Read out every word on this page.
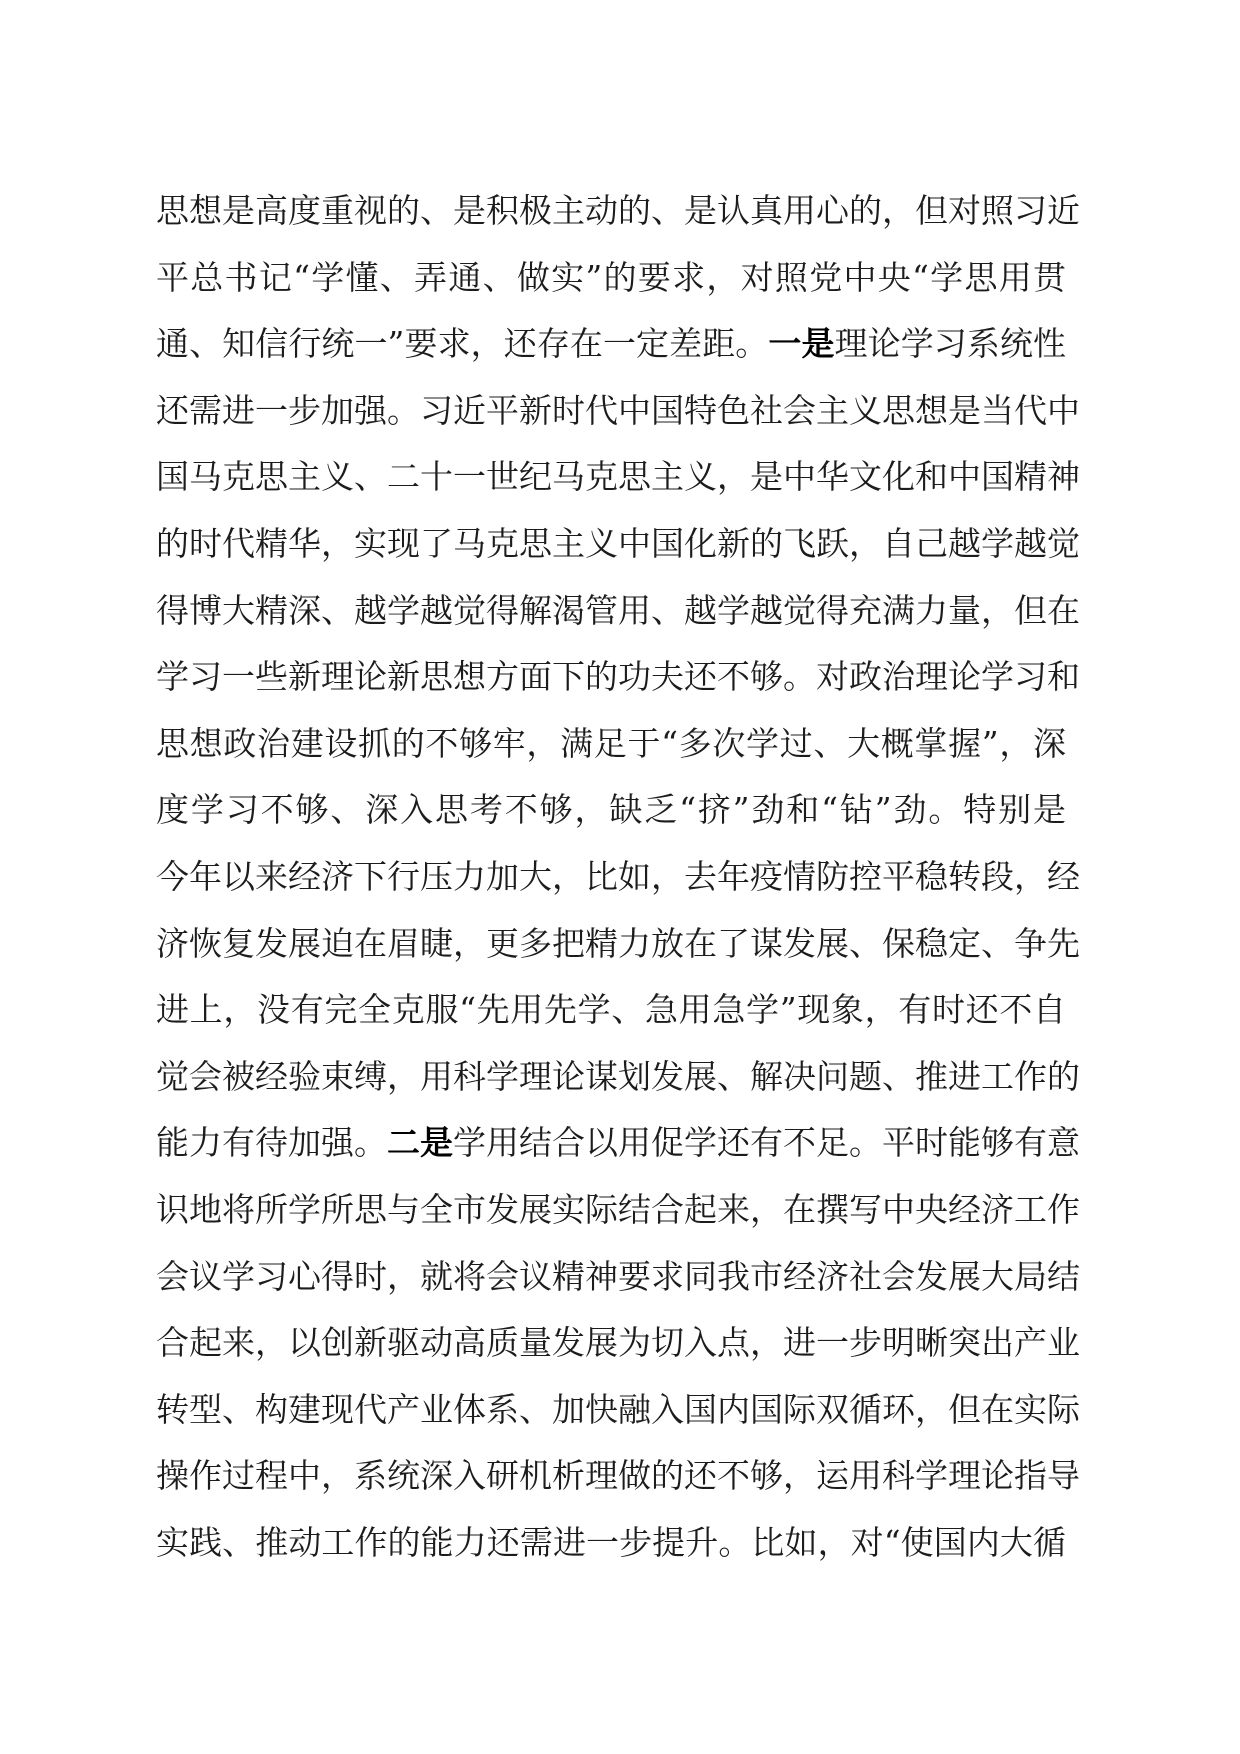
思想是高度重视的、是积极主动的、是认真用心的，但对照习近
平总书记“学懂、弄通、做实”的要求，对照党中央“学思用贯
通、知信行统一”要求，还存在一定差距。一是理论学习系统性
还需进一步加强。习近平新时代中国特色社会主义思想是当代中
国马克思主义、二十一世纪马克思主义，是中华文化和中国精神
的时代精华，实现了马克思主义中国化新的飞跃，自己越学越觉
得博大精深、越学越觉得解渴管用、越学越觉得充满力量，但在
学习一些新理论新思想方面下的功夫还不够。对政治理论学习和
思想政治建设抓的不够牢，满足于“多次学过、大概掌握”，深
度学习不够、深入思考不够，缺乏“挤”劲和“钻”劲。特别是
今年以来经济下行压力加大，比如，去年疫情防控平稳转段，经
济恢复发展迫在眉睫，更多把精力放在了谋发展、保稳定、争先
进上，没有完全克服“先用先学、急用急学”现象，有时还不自
觉会被经验束缚，用科学理论谋划发展、解决问题、推进工作的
能力有待加强。二是学用结合以用促学还有不足。平时能够有意
识地将所学所思与全市发展实际结合起来，在撰写中央经济工作
会议学习心得时，就将会议精神要求同我市经济社会发展大局结
合起来，以创新驱动高质量发展为切入点，进一步明晰突出产业
转型、构建现代产业体系、加快融入国内国际双循环，但在实际
操作过程中，系统深入研机析理做的还不够，运用科学理论指导
实践、推动工作的能力还需进一步提升。比如，对“使国内大循
